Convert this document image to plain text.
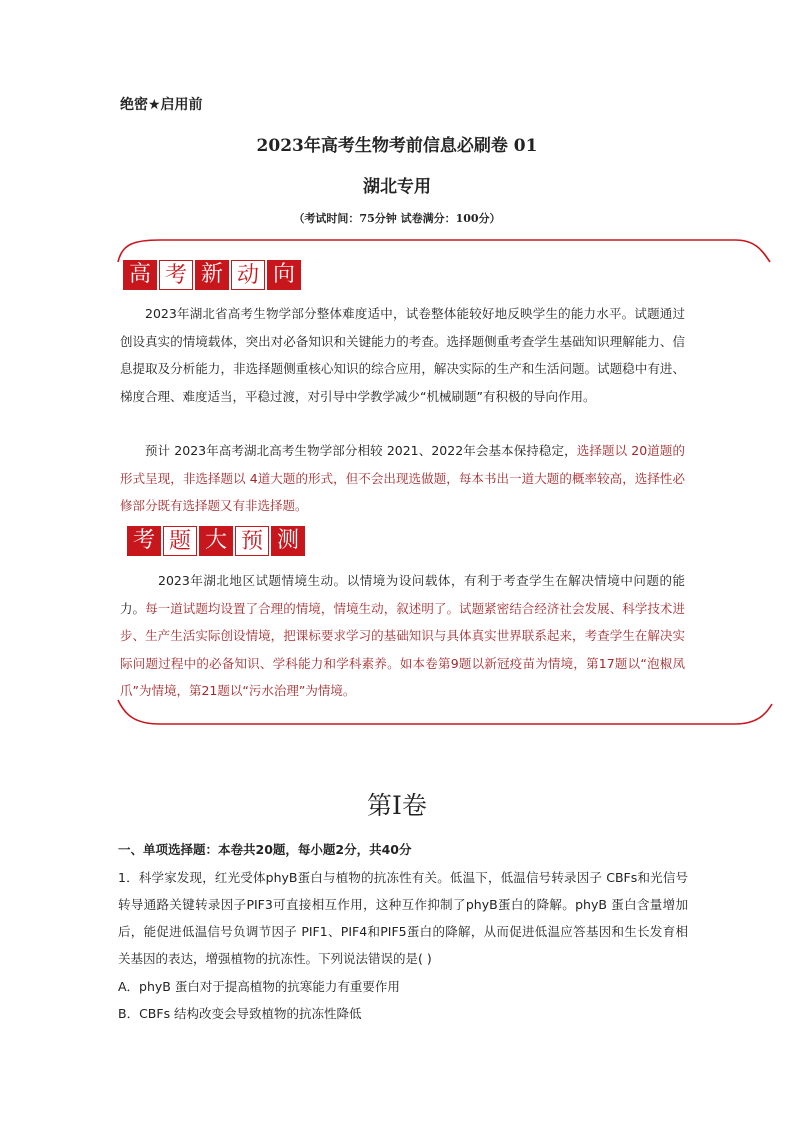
绝密★启用前
2023年高考生物考前信息必刷卷 01
湖北专用
（考试时间：75分钟 试卷满分：100分）
高 考 新 动 向
2023年湖北省高考生物学部分整体难度适中，试卷整体能较好地反映学生的能力水平。试题通过创设真实的情境载体，突出对必备知识和关键能力的考查。选择题侧重考查学生基础知识理解能力、信息提取及分析能力，非选择题侧重核心知识的综合应用，解决实际的生产和生活问题。试题稳中有进、梯度合理、难度适当，平稳过渡，对引导中学教学减少“机械刷题”有积极的导向作用。
预计 2023年高考湖北高考生物学部分相较 2021、2022年会基本保持稳定，选择题以 20道题的形式呈现，非选择题以 4道大题的形式，但不会出现选做题，每本书出一道大题的概率较高，选择性必修部分既有选择题又有非选择题。
考 题 大 预 测
2023年湖北地区试题情境生动。以情境为设问载体，有利于考查学生在解决情境中问题的能力。每一道试题均设置了合理的情境，情境生动，叙述明了。试题紧密结合经济社会发展、科学技术进步、生产生活实际创设情境，把课标要求学习的基础知识与具体真实世界联系起来，考查学生在解决实际问题过程中的必备知识、学科能力和学科素养。如本卷第9题以新冠疫苗为情境，第17题以“泡椒凤爪”为情境，第21题以“污水治理”为情境。
第Ⅰ卷
一、单项选择题：本卷共20题，每小题2分，共40分
1．科学家发现，红光受体phyB蛋白与植物的抗冻性有关。低温下，低温信号转录因子 CBFs和光信号转导通路关键转录因子PIF3可直接相互作用，这种互作抑制了phyB蛋白的降解。phyB 蛋白含量增加后，能促进低温信号负调节因子 PIF1、PIF4和PIF5蛋白的降解，从而促进低温应答基因和生长发育相关基因的表达，增强植物的抗冻性。下列说法错误的是( )
A．phyB 蛋白对于提高植物的抗寒能力有重要作用
B．CBFs 结构改变会导致植物的抗冻性降低
